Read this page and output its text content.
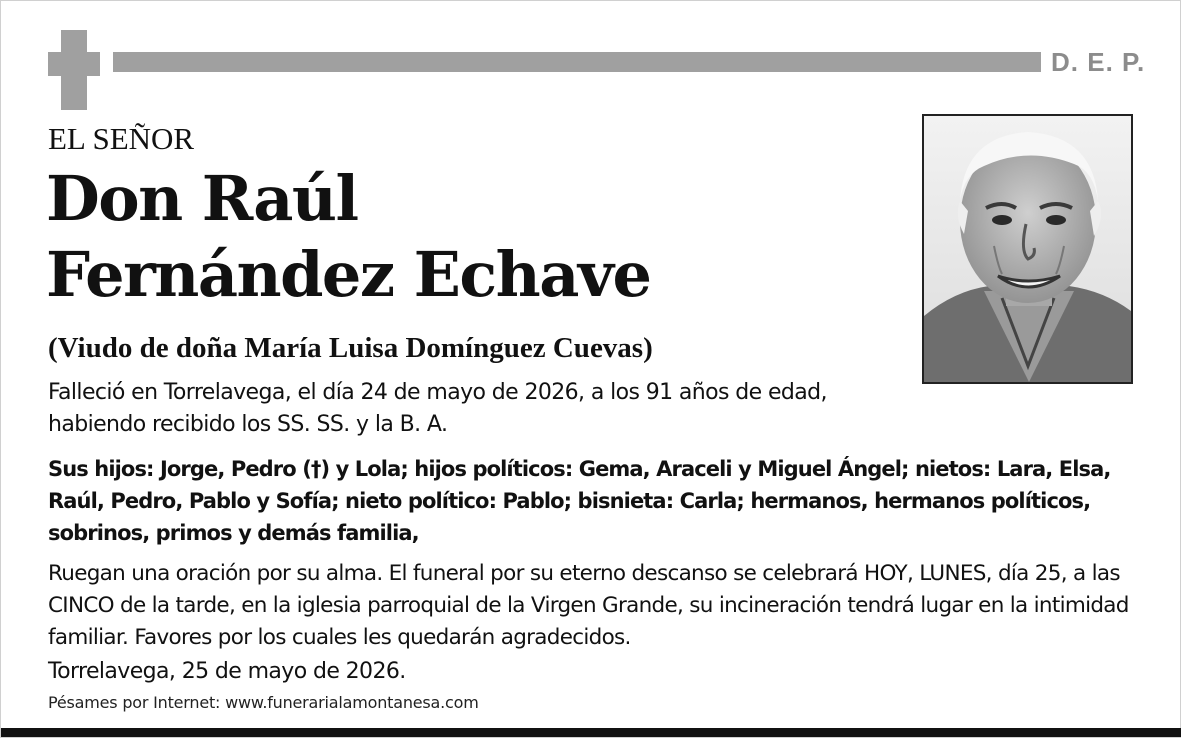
D. E. P.
EL SEÑOR
Don Raúl
Fernández Echave
(Viudo de doña María Luisa Domínguez Cuevas)

Falleció en Torrelavega, el día 24 de mayo de 2026, a los 91 años de edad, habiendo recibido los SS. SS. y la B. A.

Sus hijos: Jorge, Pedro (†) y Lola; hijos políticos: Gema, Araceli y Miguel Ángel; nietos: Lara, Elsa, Raúl, Pedro, Pablo y Sofía; nieto político: Pablo; bisnieta: Carla; hermanos, hermanos políticos, sobrinos, primos y demás familia,

Ruegan una oración por su alma. El funeral por su eterno descanso se celebrará HOY, LUNES, día 25, a las CINCO de la tarde, en la iglesia parroquial de la Virgen Grande, su incineración tendrá lugar en la intimidad familiar. Favores por los cuales les quedarán agradecidos.

Torrelavega, 25 de mayo de 2026.

Pésames por Internet: www.funerarialamontanesa.com
